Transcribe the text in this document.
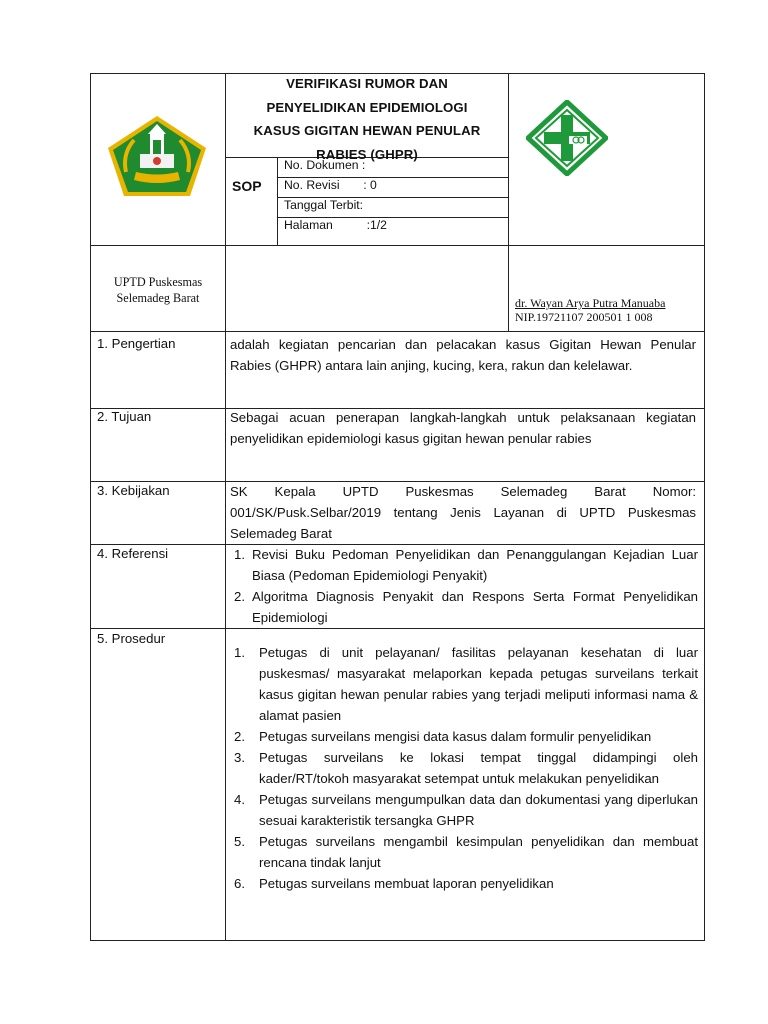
VERIFIKASI RUMOR DAN
PENYELIDIKAN EPIDEMIOLOGI
KASUS GIGITAN HEWAN PENULAR
RABIES (GHPR)
SOP
No. Dokumen :
No. Revisi       : 0
Tanggal Terbit:
Halaman          :1/2
UPTD Puskesmas
Selemadeg Barat	dr. Wayan Arya Putra Manuaba
NIP.19721107 200501 1 008
1. Pengertian	adalah kegiatan pencarian dan pelacakan kasus Gigitan Hewan Penular Rabies (GHPR) antara lain anjing, kucing, kera, rakun dan kelelawar.
2. Tujuan	Sebagai acuan penerapan langkah-langkah untuk pelaksanaan kegiatan penyelidikan epidemiologi kasus gigitan hewan penular rabies
3. Kebijakan	SK Kepala UPTD Puskesmas Selemadeg Barat Nomor: 001/SK/Pusk.Selbar/2019 tentang Jenis Layanan di UPTD Puskesmas Selemadeg Barat
4. Referensi	1. Revisi Buku Pedoman Penyelidikan dan Penanggulangan Kejadian Luar Biasa (Pedoman Epidemiologi Penyakit)
2. Algoritma Diagnosis Penyakit dan Respons Serta Format Penyelidikan Epidemiologi
5. Prosedur
1. Petugas di unit pelayanan/ fasilitas pelayanan kesehatan di luar puskesmas/ masyarakat melaporkan kepada petugas surveilans terkait kasus gigitan hewan penular rabies yang terjadi meliputi informasi nama & alamat pasien
2. Petugas surveilans mengisi data kasus dalam formulir penyelidikan
3. Petugas surveilans ke lokasi tempat tinggal didampingi oleh kader/RT/tokoh masyarakat setempat untuk melakukan penyelidikan
4. Petugas surveilans mengumpulkan data dan dokumentasi yang diperlukan sesuai karakteristik tersangka GHPR
5. Petugas surveilans mengambil kesimpulan penyelidikan dan membuat rencana tindak lanjut
6. Petugas surveilans membuat laporan penyelidikan
